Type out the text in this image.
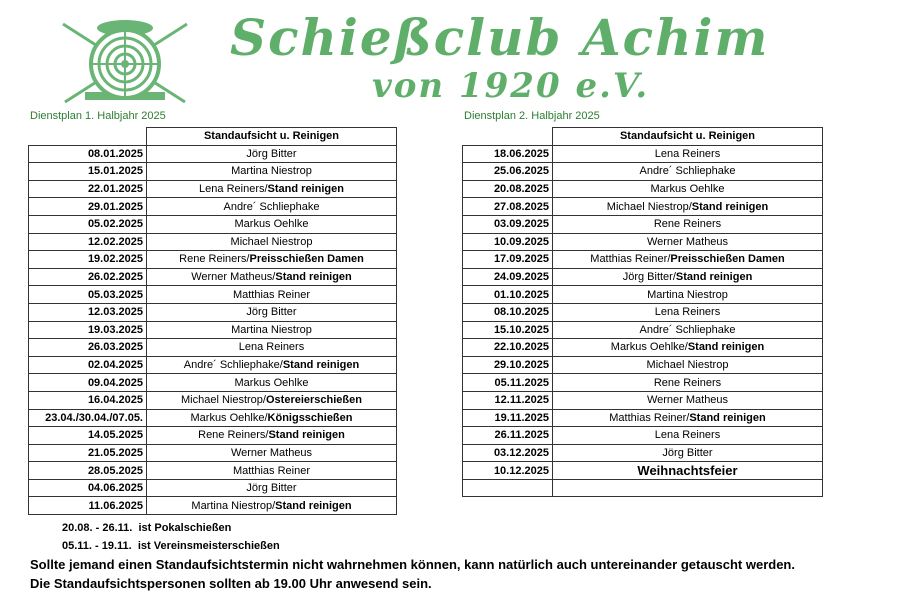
Schießclub Achim
von 1920 e.V.
Dienstplan 1. Halbjahr 2025	Dienstplan 2. Halbjahr 2025
	Standaufsicht u. Reinigen
08.01.2025	Jörg Bitter
15.01.2025	Martina Niestrop
22.01.2025	Lena Reiners/Stand reinigen
29.01.2025	Andre´ Schliephake
05.02.2025	Markus Oehlke
12.02.2025	Michael Niestrop
19.02.2025	Rene Reiners/Preisschießen Damen
26.02.2025	Werner Matheus/Stand reinigen
05.03.2025	Matthias Reiner
12.03.2025	Jörg Bitter
19.03.2025	Martina Niestrop
26.03.2025	Lena Reiners
02.04.2025	Andre´ Schliephake/Stand reinigen
09.04.2025	Markus Oehlke
16.04.2025	Michael Niestrop/Ostereierschießen
23.04./30.04./07.05.	Markus Oehlke/Königsschießen
14.05.2025	Rene Reiners/Stand reinigen
21.05.2025	Werner Matheus
28.05.2025	Matthias Reiner
04.06.2025	Jörg Bitter
11.06.2025	Martina Niestrop/Stand reinigen
	Standaufsicht u. Reinigen
18.06.2025	Lena Reiners
25.06.2025	Andre´ Schliephake
20.08.2025	Markus Oehlke
27.08.2025	Michael Niestrop/Stand reinigen
03.09.2025	Rene Reiners
10.09.2025	Werner Matheus
17.09.2025	Matthias Reiner/Preisschießen Damen
24.09.2025	Jörg Bitter/Stand reinigen
01.10.2025	Martina Niestrop
08.10.2025	Lena Reiners
15.10.2025	Andre´ Schliephake
22.10.2025	Markus Oehlke/Stand reinigen
29.10.2025	Michael Niestrop
05.11.2025	Rene Reiners
12.11.2025	Werner Matheus
19.11.2025	Matthias Reiner/Stand reinigen
26.11.2025	Lena Reiners
03.12.2025	Jörg Bitter
10.12.2025	Weihnachtsfeier

20.08. - 26.11. ist Pokalschießen
05.11. - 19.11. ist Vereinsmeisterschießen
Sollte jemand einen Standaufsichtstermin nicht wahrnehmen können, kann natürlich auch untereinander getauscht werden.
Die Standaufsichtspersonen sollten ab 19.00 Uhr anwesend sein.
